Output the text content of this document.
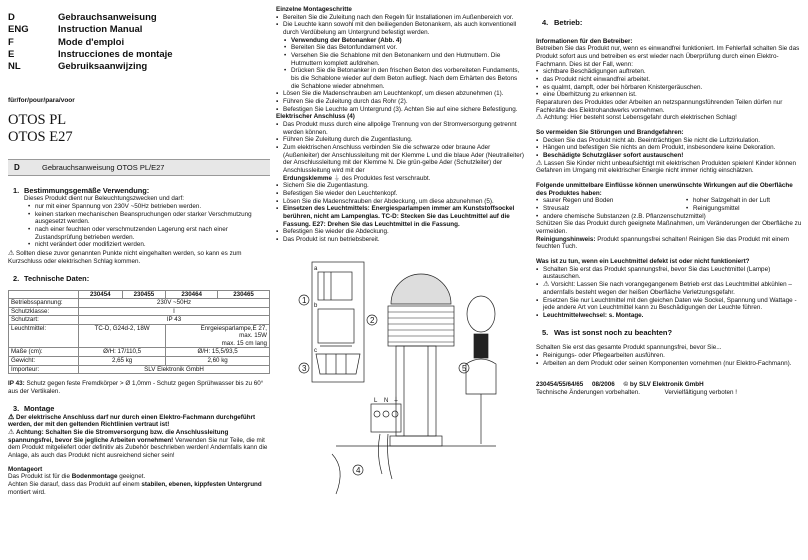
D	Gebrauchsanweisung
ENG	Instruction Manual
F	Mode d'emploi
E	Instrucciones de montaje
NL	Gebruiksaanwijzing
für/for/pour/para/voor
OTOS PL
OTOS E27
D	Gebrauchsanweisung OTOS PL/E27
1. Bestimmungsgemäße Verwendung:

Dieses Produkt dient nur Beleuchtungszwecken und darf:

• nur mit einer Spannung von 230V ~50Hz betrieben werden.
• keinen starken mechanischen Beanspruchungen oder starker Verschmutzung ausgesetzt werden.
• nach einer feuchten oder verschmutzenden Lagerung erst nach einer Zustandsprüfung betrieben werden.
• nicht verändert oder modifiziert werden.

⚠ Sollten diese zuvor genannten Punkte nicht eingehalten werden, so kann es zum Kurzschluss oder elektrischen Schlag kommen.

2. Technische Daten:
	230454	230455	230464	230465
Betriebsspannung:	230V ~50Hz			
Schutzklasse:	I			
Schutzart:	IP 43			
Leuchtmittel:	TC-D, G24d-2, 18W		Enrgeiesparlampe,E 27,
max. 15W
max. 15 cm lang	

Maße (cm):	Ø/H: 17/110,5		Ø/H: 15,5/93,5	
Gewicht:	2,65 kg		2,60 kg	
Importeur:	SLV Elektronik GmbH			

IP 43: Schutz gegen feste Fremdkörper > Ø 1,0mm - Schutz gegen Sprühwasser bis zu 60° aus der Vertikalen.

3. Montage

⚠ Der elektrische Anschluss darf nur durch einen Elektro-Fachmann durchgeführt werden, der mit den geltenden Richtlinien vertraut ist!

⚠ Achtung: Schalten Sie die Stromversorgung bzw. die Anschlussleitung spannungsfrei, bevor Sie jegliche Arbeiten vornehmen! Verwenden Sie nur Teile, die mit dem Produkt mitgeliefert oder definitiv als Zubehör beschrieben werden! Andernfalls kann die Anlage, als auch das Produkt nicht ausreichend sicher sein!

Montageort

Das Produkt ist für die Bodenmontage geeignet.

Achten Sie darauf, dass das Produkt auf einem stabilen, ebenen, kippfesten Untergrund montiert wird.

Einzelne Montageschritte

▪ Bereiten Sie die Zuleitung nach den Regeln für Installationen im Außenbereich vor.
▪ Die Leuchte kann sowohl mit den beiliegenden Betonankern, als auch konventionell durch Verdübelung am Untergrund befestigt werden.
• Verwendung der Betonanker (Abb. 4)
• Bereiten Sie das Betonfundament vor.
• Versehen Sie die Schablone mit den Betonankern und den Hutmuttern. Die Hutmuttern komplett aufdrehen.
• Drücken Sie die Betonanker in den frischen Beton des vorbereiteten Fundaments, bis die Schablone wieder auf dem Beton aufliegt. Nach dem Erhärten des Betons die Schablone wieder abnehmen.
▪ Lösen Sie die Madenschrauben am Leuchtenkopf, um diesen abzunehmen (1).
▪ Führen Sie die Zuleitung durch das Rohr (2).
▪ Befestigen Sie Leuchte am Untergrund (3). Achten Sie auf eine sichere Befestigung.

Elektrischer Anschluss (4)

▪ Das Produkt muss durch eine allpolige Trennung von der Stromversorgung getrennt werden können.
▪ Führen Sie Zuleitung durch die Zugentlastung.
▪ Zum elektrischen Anschluss verbinden Sie die schwarze oder braune Ader (Außenleiter) der Anschlussleitung mit der Klemme L und die blaue Ader (Neutralleiter) der Anschlussleitung mit der Klemme N. Die grün-gelbe Ader (Schutzleiter) der Anschlussleitung wird mit der
Erdungsklemme ⏚ des Produktes fest verschraubt.
▪ Sichern Sie die Zugentlastung.
▪ Befestigen Sie wieder den Leuchtenkopf.
▪ Lösen Sie die Madenschrauben der Abdeckung, um diese abzunehmen (5).
▪ Einsetzen des Leuchtmittels: Energiesparlampen immer am Kunststoffsockel berühren, nicht am Lampenglas. TC-D: Stecken Sie das Leuchtmittel auf die Fassung. E27: Drehen Sie das Leuchtmittel in die Fassung.
▪ Befestigen Sie wieder die Abdeckung.
▪ Das Produkt ist nun betriebsbereit.
1
2
3
4
5
L N ⏚
a
b
c

4. Betrieb:

Informationen für den Betreiber:

Betreiben Sie das Produkt nur, wenn es einwandfrei funktioniert. Im Fehlerfall schalten Sie das Produkt sofort aus und betreiben es erst wieder nach Überprüfung durch einen Elektro-Fachmann. Dies ist der Fall, wenn:

• sichtbare Beschädigungen auftreten.
• das Produkt nicht einwandfrei arbeitet.
• es qualmt, dampft, oder bei hörbaren Knistergeräuschen.
• eine Überhitzung zu erkennen ist.

Reparaturen des Produktes oder Arbeiten an netzspannungsführenden Teilen dürfen nur Fachkräfte des Elektrohandwerks vornehmen.

⚠ Achtung: Hier besteht sonst Lebensgefahr durch elektrischen Schlag!

So vermeiden Sie Störungen und Brandgefahren:

▪ Decken Sie das Produkt nicht ab. Beeinträchtigen Sie nicht die Luftzirkulation.
▪ Hängen und befestigen Sie nichts an dem Produkt, insbesondere keine Dekoration.
▪ Beschädigte Schutzgläser sofort austauschen!

⚠ Lassen Sie Kinder nicht unbeaufsichtigt mit elektrischen Produkten spielen! Kinder können Gefahren im Umgang mit elektrischer Energie nicht immer richtig einschätzen.

Folgende unmittelbare Einflüsse können unerwünschte Wirkungen auf die Oberfläche des Produktes haben:

• saurer Regen und Boden
• Streusalz
• andere chemische Substanzen (z.B. Pflanzenschutzmittel)
• hoher Salzgehalt in der Luft
• Reinigungsmittel

Schützen Sie das Produkt durch geeignete Maßnahmen, um Veränderungen der Oberfläche zu vermeiden.

Reinigungshinweis: Produkt spannungsfrei schalten! Reinigen Sie das Produkt mit einem feuchten Tuch.

Was ist zu tun, wenn ein Leuchtmittel defekt ist oder nicht funktioniert?

▪ Schalten Sie erst das Produkt spannungsfrei, bevor Sie das Leuchtmittel (Lampe) austauschen.
▪ ⚠ Vorsicht: Lassen Sie nach vorangegangenem Betrieb erst das Leuchtmittel abkühlen – andernfalls besteht wegen der heißen Oberfläche Verletzungsgefahr.
▪ Ersetzen Sie nur Leuchtmittel mit den gleichen Daten wie Sockel, Spannung und Wattage - jede andere Art von Leuchtmittel kann zu Beschädigungen der Leuchte führen.
▪ Leuchtmittelwechsel: s. Montage.

5. Was ist sonst noch zu beachten?

Schalten Sie erst das gesamte Produkt spannungsfrei, bevor Sie...

▪ Reinigungs- oder Pflegearbeiten ausführen.
▪ Arbeiten an dem Produkt oder seinen Komponenten vornehmen (nur Elektro-Fachmann).

230454/55/64/65 08/2006 © by SLV Elektronik GmbH

Technische Änderungen vorbehalten.	Vervielfältigung verboten !
